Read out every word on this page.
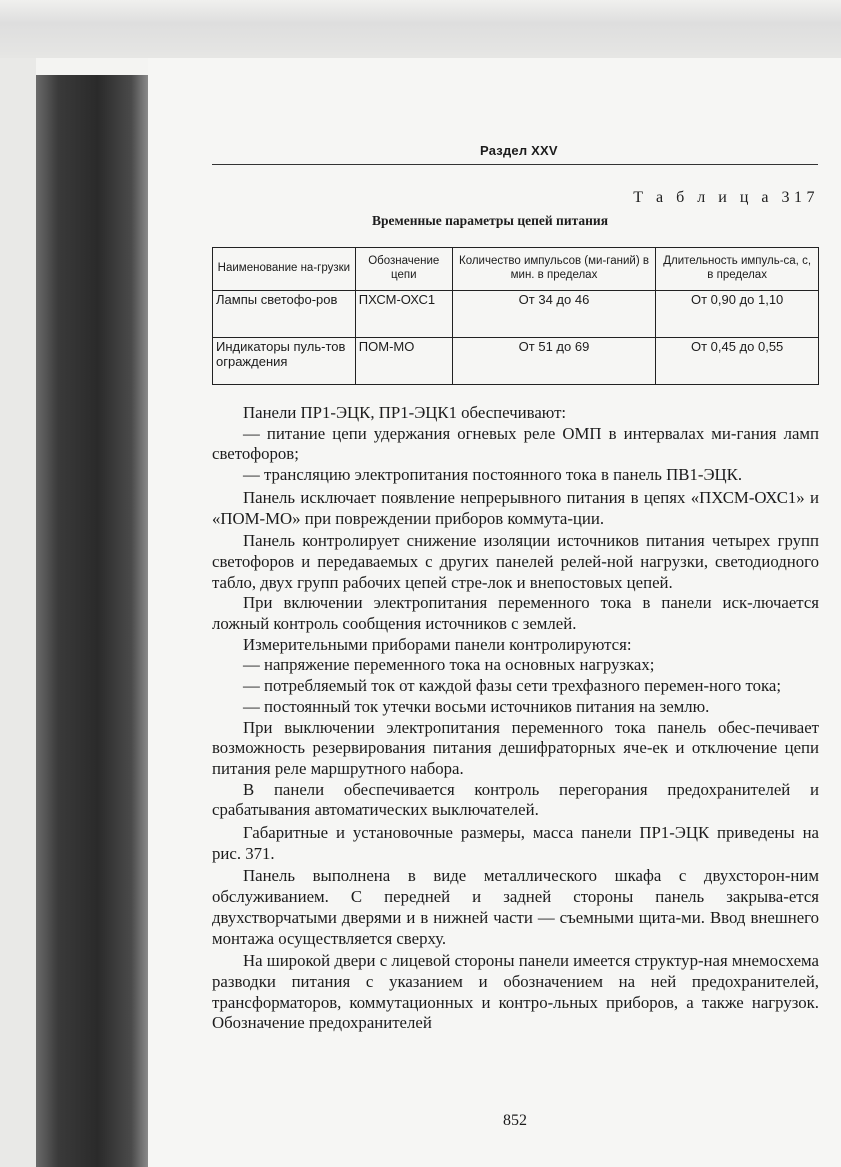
Раздел XXV
Т а б л и ц а 317
Временные параметры цепей питания
Наименование на-грузки	Обозначение цепи	Количество импульсов (ми-ганий) в мин. в пределах	Длительность импуль-са, с, в пределах
Лампы светофо-ров	ПХСМ-ОХС1	От 34 до 46	От 0,90 до 1,10
Индикаторы пуль-тов ограждения	ПОМ-МО	От 51 до 69	От 0,45 до 0,55

Панели ПР1-ЭЦК, ПР1-ЭЦК1 обеспечивают:

— питание цепи удержания огневых реле ОМП в интервалах ми-гания ламп светофоров;

— трансляцию электропитания постоянного тока в панель ПВ1-ЭЦК.

Панель исключает появление непрерывного питания в цепях «ПХСМ-ОХС1» и «ПОМ-МО» при повреждении приборов коммута-ции.

Панель контролирует снижение изоляции источников питания четырех групп светофоров и передаваемых с других панелей релей-ной нагрузки, светодиодного табло, двух групп рабочих цепей стре-лок и внепостовых цепей.

При включении электропитания переменного тока в панели иск-лючается ложный контроль сообщения источников с землей.

Измерительными приборами панели контролируются:

— напряжение переменного тока на основных нагрузках;

— потребляемый ток от каждой фазы сети трехфазного перемен-ного тока;

— постоянный ток утечки восьми источников питания на землю.

При выключении электропитания переменного тока панель обес-печивает возможность резервирования питания дешифраторных яче-ек и отключение цепи питания реле маршрутного набора.

В панели обеспечивается контроль перегорания предохранителей и срабатывания автоматических выключателей.

Габаритные и установочные размеры, масса панели ПР1-ЭЦК приведены на рис. 371.

Панель выполнена в виде металлического шкафа с двухсторон-ним обслуживанием. С передней и задней стороны панель закрыва-ется двухстворчатыми дверями и в нижней части — съемными щита-ми. Ввод внешнего монтажа осуществляется сверху.

На широкой двери с лицевой стороны панели имеется структур-ная мнемосхема разводки питания с указанием и обозначением на ней предохранителей, трансформаторов, коммутационных и контро-льных приборов, а также нагрузок. Обозначение предохранителей

852
